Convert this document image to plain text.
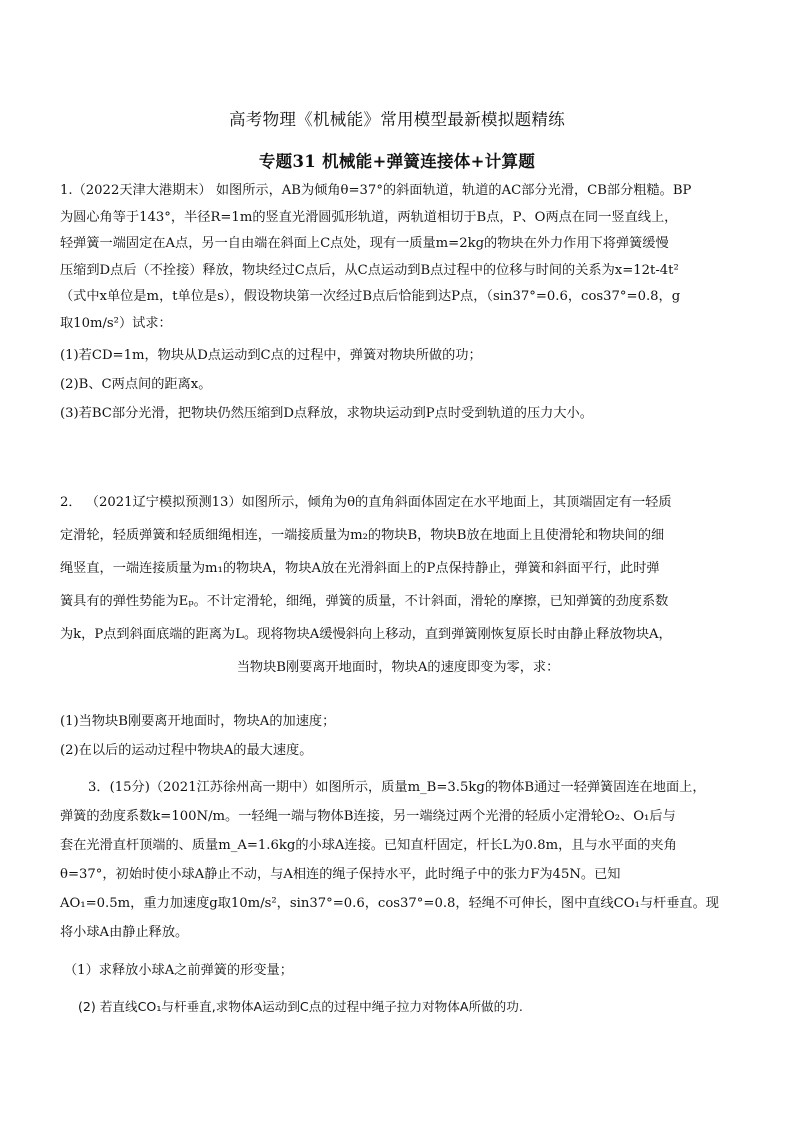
高考物理《机械能》常用模型最新模拟题精练
专题31 机械能+弹簧连接体+计算题

1.（2022天津大港期末） 如图所示，AB为倾角θ=37°的斜面轨道，轨道的AC部分光滑，CB部分粗糙。BP

为圆心角等于143°，半径R=1m的竖直光滑圆弧形轨道，两轨道相切于B点，P、O两点在同一竖直线上，

轻弹簧一端固定在A点，另一自由端在斜面上C点处，现有一质量m=2kg的物块在外力作用下将弹簧缓慢

压缩到D点后（不拴接）释放，物块经过C点后，从C点运动到B点过程中的位移与时间的关系为x=12t-4t²

（式中x单位是m，t单位是s），假设物块第一次经过B点后恰能到达P点，（sin37°=0.6，cos37°=0.8，g

取10m/s²）试求：

(1)若CD=1m，物块从D点运动到C点的过程中，弹簧对物块所做的功；

(2)B、C两点间的距离x。

(3)若BC部分光滑，把物块仍然压缩到D点释放，求物块运动到P点时受到轨道的压力大小。

2． （2021辽宁模拟预测13）如图所示，倾角为θ的直角斜面体固定在水平地面上，其顶端固定有一轻质

定滑轮，轻质弹簧和轻质细绳相连，一端接质量为m₂的物块B，物块B放在地面上且使滑轮和物块间的细

绳竖直，一端连接质量为m₁的物块A，物块A放在光滑斜面上的P点保持静止，弹簧和斜面平行，此时弹

簧具有的弹性势能为Eₚ。不计定滑轮，细绳，弹簧的质量，不计斜面，滑轮的摩擦，已知弹簧的劲度系数

为k，P点到斜面底端的距离为L。现将物块A缓慢斜向上移动，直到弹簧刚恢复原长时由静止释放物块A，

当物块B刚要离开地面时，物块A的速度即变为零，求：

(1)当物块B刚要离开地面时，物块A的加速度；

(2)在以后的运动过程中物块A的最大速度。

3．(15分)（2021江苏徐州高一期中）如图所示，质量m_B=3.5kg的物体B通过一轻弹簧固连在地面上，

弹簧的劲度系数k=100N/m。一轻绳一端与物体B连接，另一端绕过两个光滑的轻质小定滑轮O₂、O₁后与

套在光滑直杆顶端的、质量m_A=1.6kg的小球A连接。已知直杆固定，杆长L为0.8m，且与水平面的夹角

θ=37°，初始时使小球A静止不动，与A相连的绳子保持水平，此时绳子中的张力F为45N。已知

AO₁=0.5m，重力加速度g取10m/s²，sin37°=0.6，cos37°=0.8，轻绳不可伸长，图中直线CO₁与杆垂直。现

将小球A由静止释放。

（1）求释放小球A之前弹簧的形变量；

(2) 若直线CO₁与杆垂直,求物体A运动到C点的过程中绳子拉力对物体A所做的功.
